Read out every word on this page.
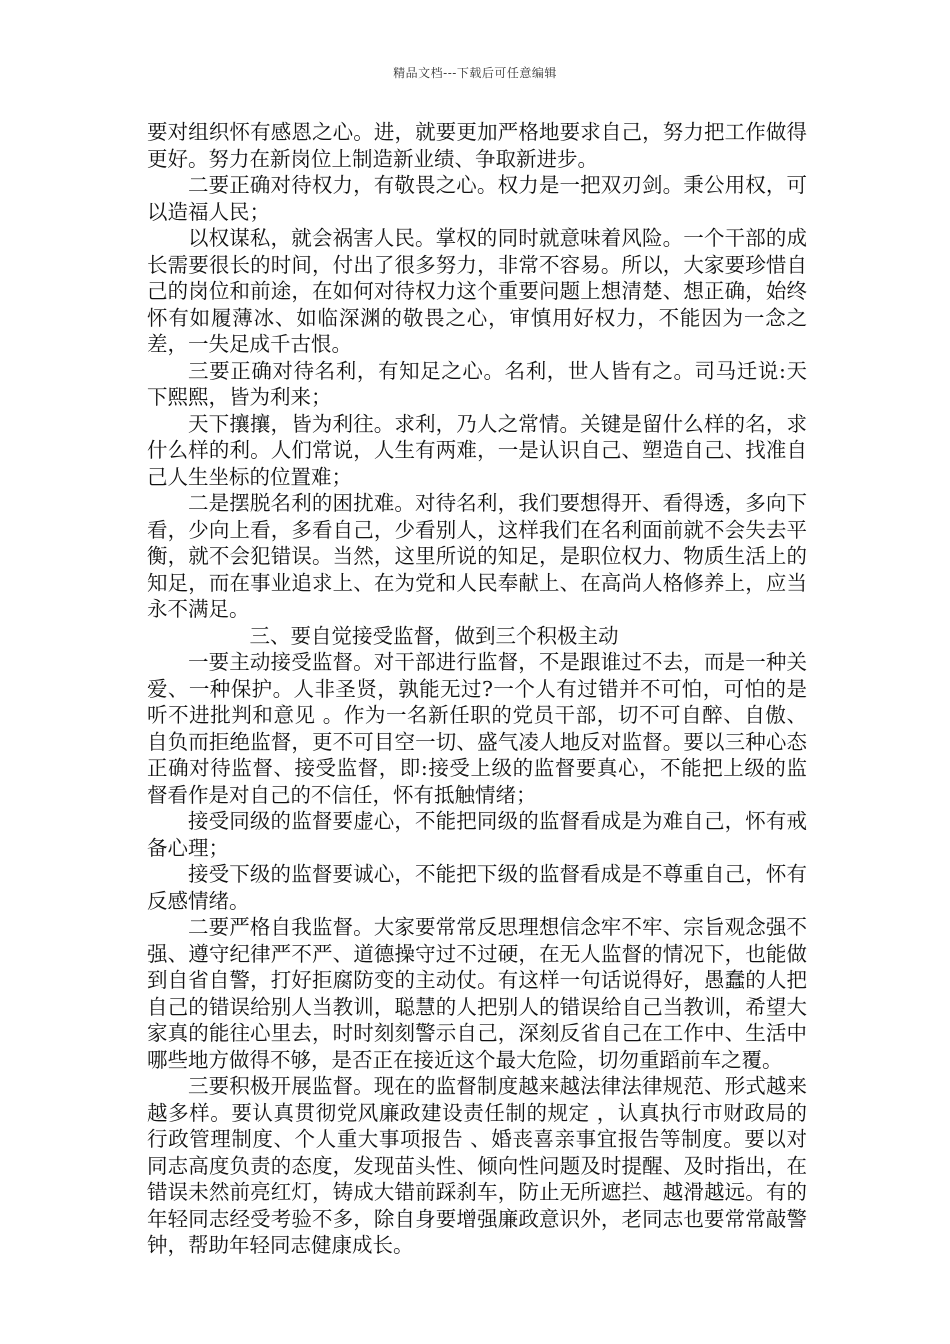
精品文档---下载后可任意编辑

要对组织怀有感恩之心。进，就要更加严格地要求自己，努力把工作做得更好。努力在新岗位上制造新业绩、争取新进步。

二要正确对待权力，有敬畏之心。权力是一把双刃剑。秉公用权，可以造福人民；

以权谋私，就会祸害人民。掌权的同时就意味着风险。一个干部的成长需要很长的时间，付出了很多努力，非常不容易。所以，大家要珍惜自己的岗位和前途，在如何对待权力这个重要问题上想清楚、想正确，始终怀有如履薄冰、如临深渊的敬畏之心，审慎用好权力，不能因为一念之差，一失足成千古恨。

三要正确对待名利，有知足之心。名利，世人皆有之。司马迁说:天下熙熙，皆为利来；

天下攘攘，皆为利往。求利，乃人之常情。关键是留什么样的名，求什么样的利。人们常说，人生有两难，一是认识自己、塑造自己、找准自己人生坐标的位置难；

二是摆脱名利的困扰难。对待名利，我们要想得开、看得透，多向下看，少向上看，多看自己，少看别人，这样我们在名利面前就不会失去平衡，就不会犯错误。当然，这里所说的知足，是职位权力、物质生活上的知足，而在事业追求上、在为党和人民奉献上、在高尚人格修养上，应当永不满足。

三、要自觉接受监督，做到三个积极主动

一要主动接受监督。对干部进行监督，不是跟谁过不去，而是一种关爱、一种保护。人非圣贤，孰能无过?一个人有过错并不可怕，可怕的是听不进批判和意见 。作为一名新任职的党员干部，切不可自醉、自傲、自负而拒绝监督，更不可目空一切、盛气凌人地反对监督。要以三种心态正确对待监督、接受监督，即:接受上级的监督要真心，不能把上级的监督看作是对自己的不信任，怀有抵触情绪；

接受同级的监督要虚心，不能把同级的监督看成是为难自己，怀有戒备心理；

接受下级的监督要诚心，不能把下级的监督看成是不尊重自己，怀有反感情绪。

二要严格自我监督。大家要常常反思理想信念牢不牢、宗旨观念强不强、遵守纪律严不严、道德操守过不过硬，在无人监督的情况下，也能做到自省自警，打好拒腐防变的主动仗。有这样一句话说得好，愚蠢的人把自己的错误给别人当教训，聪慧的人把别人的错误给自己当教训，希望大家真的能往心里去，时时刻刻警示自己，深刻反省自己在工作中、生活中哪些地方做得不够，是否正在接近这个最大危险，切勿重蹈前车之覆。

三要积极开展监督。现在的监督制度越来越法律法律规范、形式越来越多样。要认真贯彻党风廉政建设责任制的规定 ，认真执行市财政局的行政管理制度、个人重大事项报告 、婚丧喜亲事宜报告等制度。要以对同志高度负责的态度，发现苗头性、倾向性问题及时提醒、及时指出，在错误未然前亮红灯，铸成大错前踩刹车，防止无所遮拦、越滑越远。有的年轻同志经受考验不多，除自身要增强廉政意识外，老同志也要常常敲警钟，帮助年轻同志健康成长。
